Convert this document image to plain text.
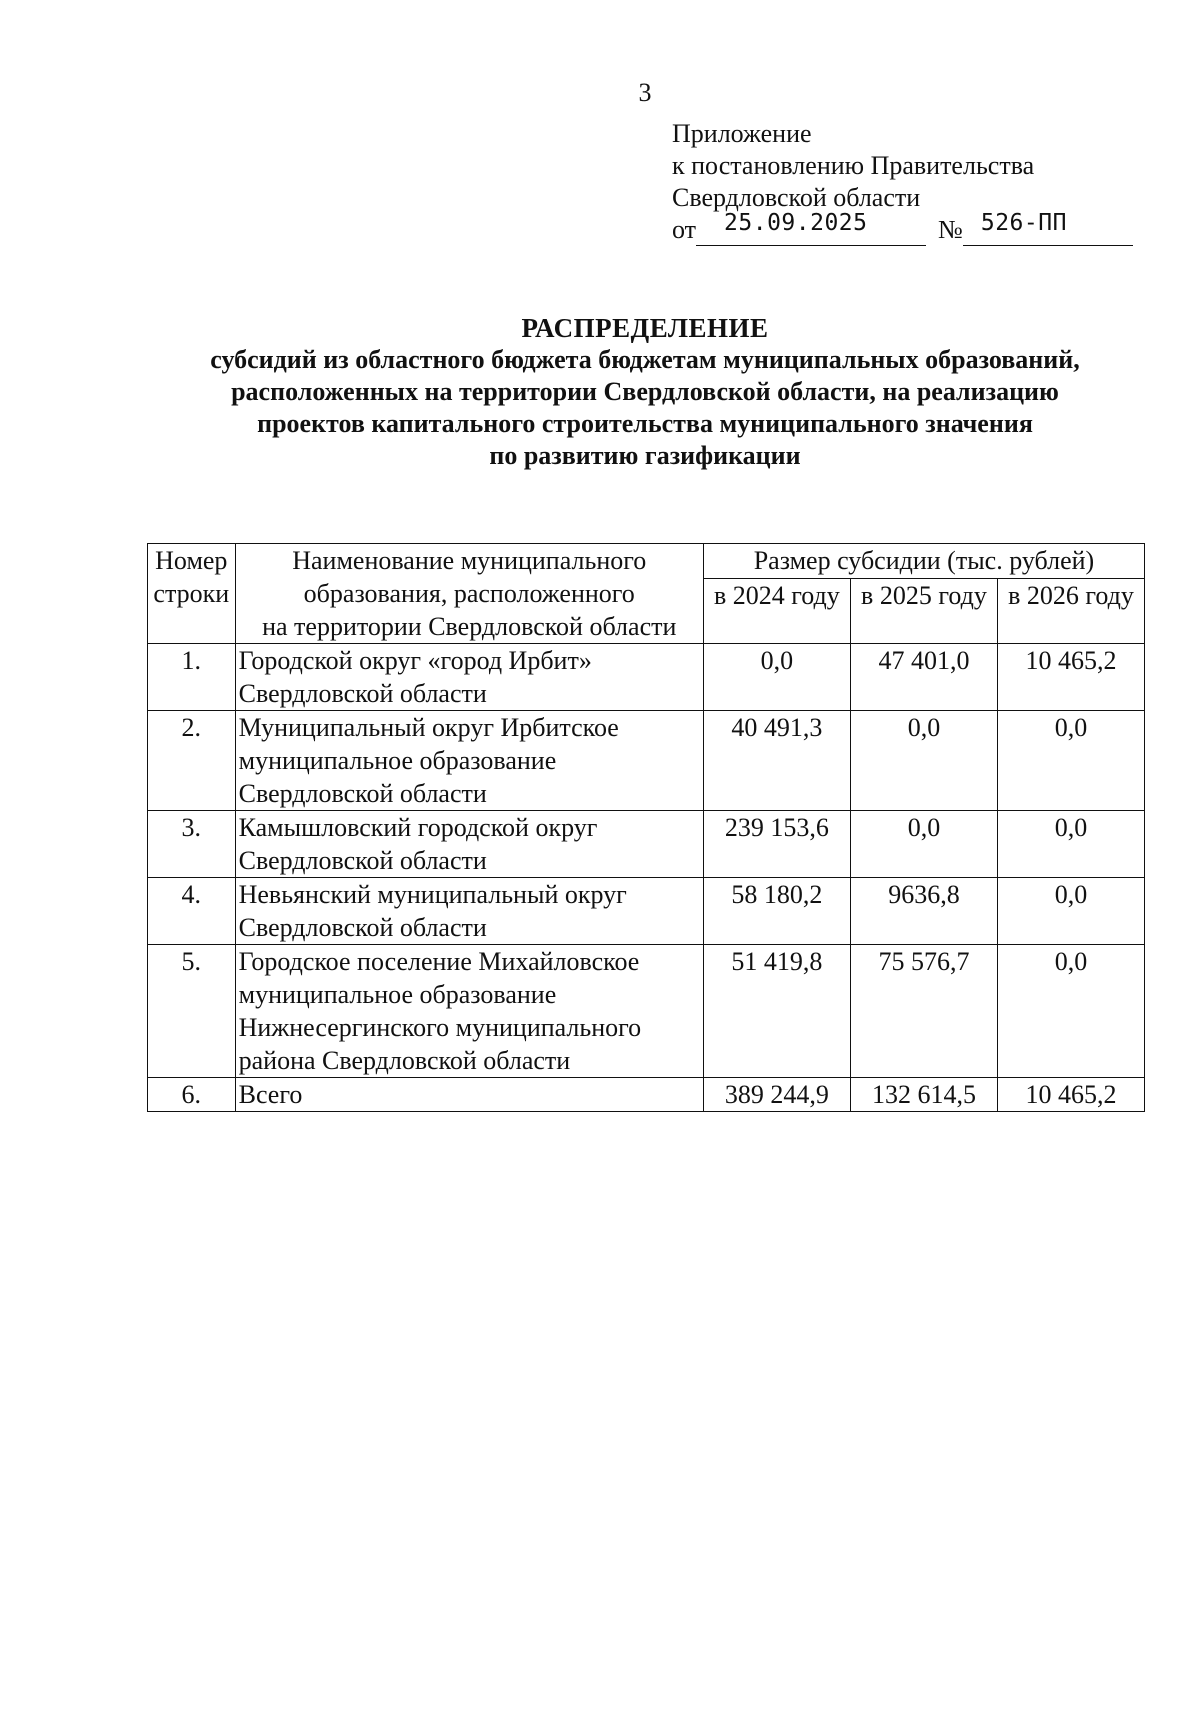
3
Приложение
к постановлению Правительства
Свердловской области
от 25.09.2025	№ 526-ПП
РАСПРЕДЕЛЕНИЕ
субсидий из областного бюджета бюджетам муниципальных образований,
расположенных на территории Свердловской области, на реализацию
проектов капитального строительства муниципального значения
по развитию газификации
Номер
строки	Наименование муниципального
образования, расположенного
на территории Свердловской области	Размер субсидии (тыс. рублей)		
		в 2024 году	в 2025 году	в 2026 году
1.	Городской округ «город Ирбит»
Свердловской области	0,0	47 401,0	10 465,2
2.	Муниципальный округ Ирбитское
муниципальное образование
Свердловской области	40 491,3	0,0	0,0
3.	Камышловский городской округ
Свердловской области	239 153,6	0,0	0,0
4.	Невьянский муниципальный округ
Свердловской области	58 180,2	9636,8	0,0
5.	Городское поселение Михайловское
муниципальное образование
Нижнесергинского муниципального
района Свердловской области	51 419,8	75 576,7	0,0
6.	Всего	389 244,9	132 614,5	10 465,2
